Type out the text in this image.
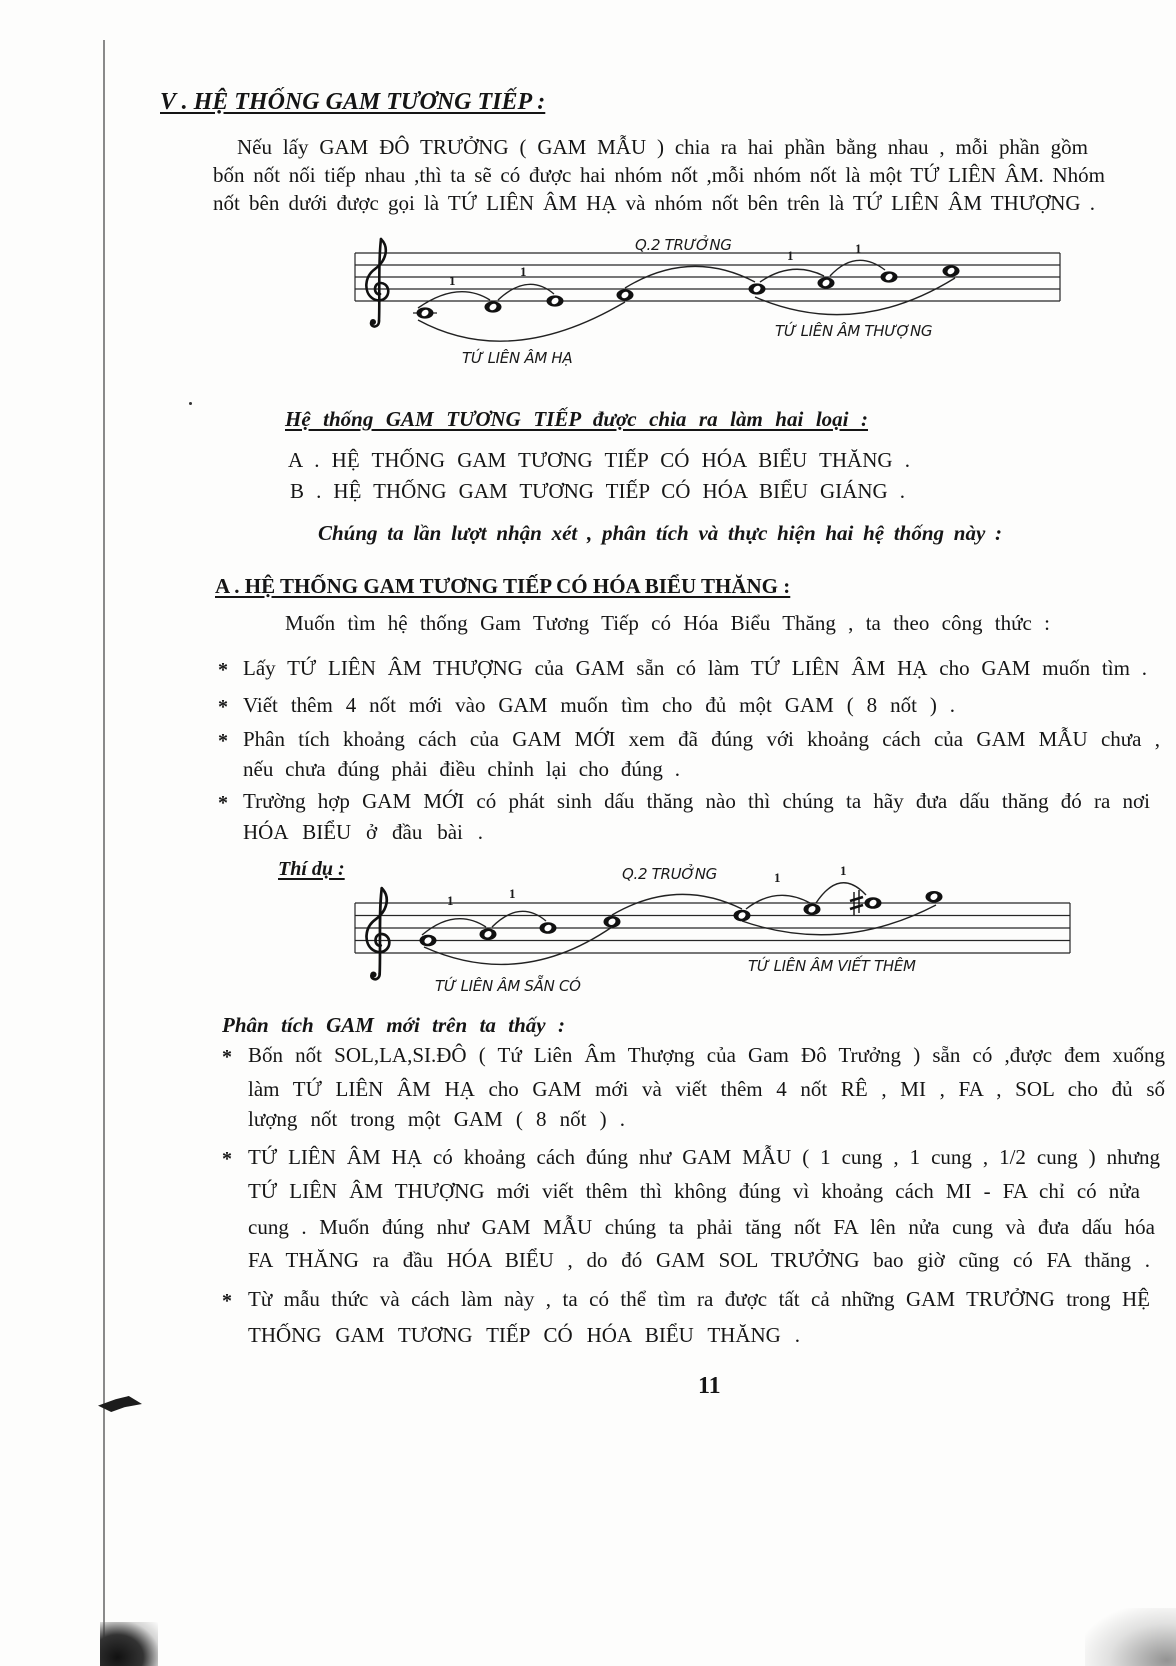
V . HỆ THỐNG GAM TƯƠNG TIẾP :
Nếu lấy GAM ĐÔ TRƯỞNG ( GAM MẪU ) chia ra hai phần bằng nhau , mỗi phần gồm
bốn nốt nối tiếp nhau ,thì ta sẽ có được hai nhóm nốt ,mỗi nhóm nốt là một TỨ LIÊN ÂM. Nhóm
nốt bên dưới được gọi là TỨ LIÊN ÂM HẠ và nhóm nốt bên trên là TỨ LIÊN ÂM THƯỢNG .
1
1
1	1
Q.2 TRƯỞNG
TỨ LIÊN ÂM THƯỢNG
TỨ LIÊN ÂM HẠ
Hệ thống GAM TƯƠNG TIẾP được chia ra làm hai loại :
A . HỆ THỐNG GAM TƯƠNG TIẾP CÓ HÓA BIỂU THĂNG .
B . HỆ THỐNG GAM TƯƠNG TIẾP CÓ HÓA BIỂU GIÁNG .
Chúng ta lần lượt nhận xét , phân tích và thực hiện hai hệ thống này :
A . HỆ THỐNG GAM TƯƠNG TIẾP CÓ HÓA BIỂU THĂNG :
Muốn tìm hệ thống Gam Tương Tiếp có Hóa Biểu Thăng , ta theo công thức :
* Lấy TỨ LIÊN ÂM THƯỢNG của GAM sẵn có làm TỨ LIÊN ÂM HẠ cho GAM muốn tìm .
* Viết thêm 4 nốt mới vào GAM muốn tìm cho đủ một GAM ( 8 nốt ) .
* Phân tích khoảng cách của GAM MỚI xem đã đúng với khoảng cách của GAM MẪU chưa ,
nếu chưa đúng phải điều chỉnh lại cho đúng .
* Trường hợp GAM MỚI có phát sinh dấu thăng nào thì chúng ta hãy đưa dấu thăng đó ra nơi
HÓA BIỂU ở đầu bài .
Thí dụ :
1	1
1	1
Q.2 TRUỞNG
TỨ LIÊN ÂM VIẾT THÊM
TỨ LIÊN ÂM SẴN CÓ
Phân tích GAM mới trên ta thấy :
* Bốn nốt SOL,LA,SI.ĐÔ ( Tứ Liên Âm Thượng của Gam Đô Trưởng ) sẵn có ,được đem xuống
làm TỨ LIÊN ÂM HẠ cho GAM mới và viết thêm 4 nốt RÊ , MI , FA , SOL cho đủ số
lượng nốt trong một GAM ( 8 nốt ) .
* TỨ LIÊN ÂM HẠ có khoảng cách đúng như GAM MẪU ( 1 cung , 1 cung , 1/2 cung ) nhưng
TỨ LIÊN ÂM THƯỢNG mới viết thêm thì không đúng vì khoảng cách MI - FA chỉ có nửa
cung . Muốn đúng như GAM MẪU chúng ta phải tăng nốt FA lên nửa cung và đưa dấu hóa
FA THĂNG ra đầu HÓA BIỂU , do đó GAM SOL TRƯỞNG bao giờ cũng có FA thăng .
* Từ mẫu thức và cách làm này , ta có thể tìm ra được tất cả những GAM TRƯỞNG trong HỆ
THỐNG GAM TƯƠNG TIẾP CÓ HÓA BIỂU THĂNG .
11
